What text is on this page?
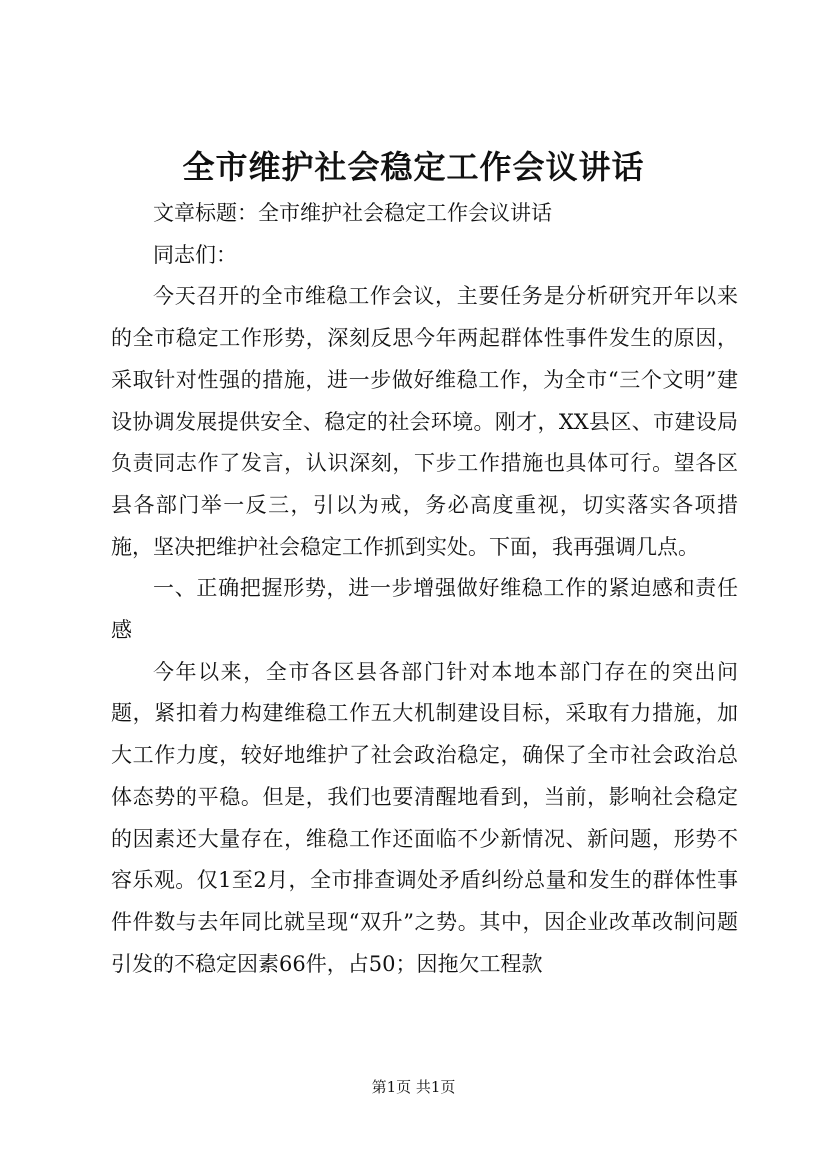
全市维护社会稳定工作会议讲话

文章标题：全市维护社会稳定工作会议讲话

同志们：

今天召开的全市维稳工作会议，主要任务是分析研究开年以来的全市稳定工作形势，深刻反思今年两起群体性事件发生的原因，采取针对性强的措施，进一步做好维稳工作，为全市“三个文明”建设协调发展提供安全、稳定的社会环境。刚才，XX县区、市建设局负责同志作了发言，认识深刻，下步工作措施也具体可行。望各区县各部门举一反三，引以为戒，务必高度重视，切实落实各项措施，坚决把维护社会稳定工作抓到实处。下面，我再强调几点。

一、正确把握形势，进一步增强做好维稳工作的紧迫感和责任感

今年以来，全市各区县各部门针对本地本部门存在的突出问题，紧扣着力构建维稳工作五大机制建设目标，采取有力措施，加大工作力度，较好地维护了社会政治稳定，确保了全市社会政治总体态势的平稳。但是，我们也要清醒地看到，当前，影响社会稳定的因素还大量存在，维稳工作还面临不少新情况、新问题，形势不容乐观。仅1至2月，全市排查调处矛盾纠纷总量和发生的群体性事件件数与去年同比就呈现“双升”之势。其中，因企业改革改制问题引发的不稳定因素66件，占50；因拖欠工程款

第1页 共1页
